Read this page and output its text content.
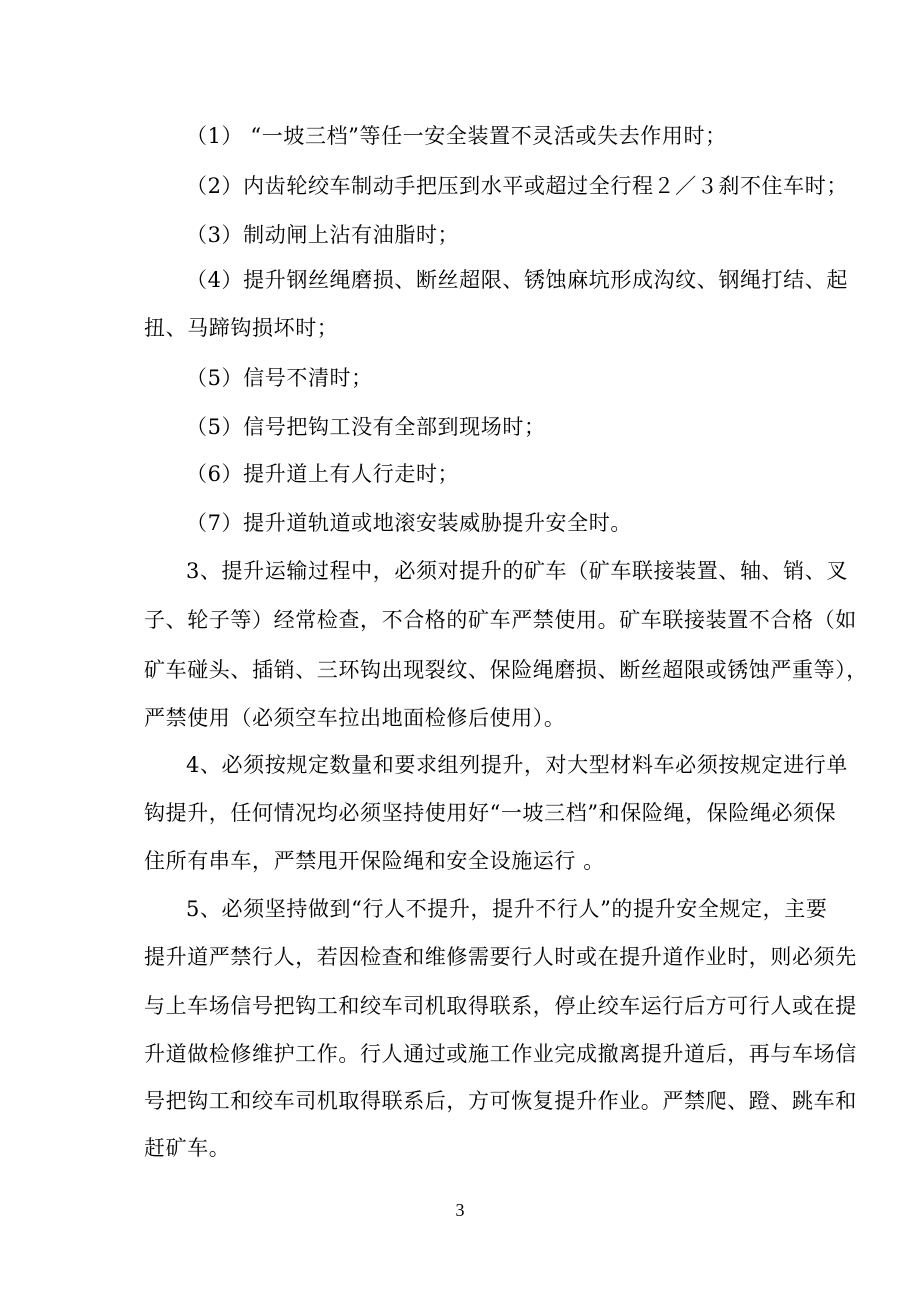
（1） “一坡三档”等任一安全装置不灵活或失去作用时；
（2）内齿轮绞车制动手把压到水平或超过全行程２／３刹不住车时；
（3）制动闸上沾有油脂时；
（4）提升钢丝绳磨损、断丝超限、锈蚀麻坑形成沟纹、钢绳打结、起
扭、马蹄钩损坏时；
（5）信号不清时；
（5）信号把钩工没有全部到现场时；
（6）提升道上有人行走时；
（7）提升道轨道或地滚安装威胁提升安全时。
3、提升运输过程中，必须对提升的矿车（矿车联接装置、轴、销、叉
子、轮子等）经常检查，不合格的矿车严禁使用。矿车联接装置不合格（如
矿车碰头、插销、三环钩出现裂纹、保险绳磨损、断丝超限或锈蚀严重等），
严禁使用（必须空车拉出地面检修后使用）。
4、必须按规定数量和要求组列提升，对大型材料车必须按规定进行单
钩提升，任何情况均必须坚持使用好“一坡三档”和保险绳，保险绳必须保
住所有串车，严禁甩开保险绳和安全设施运行 。
5、必须坚持做到“行人不提升，提升不行人”的提升安全规定，主要
提升道严禁行人，若因检查和维修需要行人时或在提升道作业时，则必须先
与上车场信号把钩工和绞车司机取得联系，停止绞车运行后方可行人或在提
升道做检修维护工作。行人通过或施工作业完成撤离提升道后，再与车场信
号把钩工和绞车司机取得联系后，方可恢复提升作业。严禁爬、蹬、跳车和
赶矿车。
3
